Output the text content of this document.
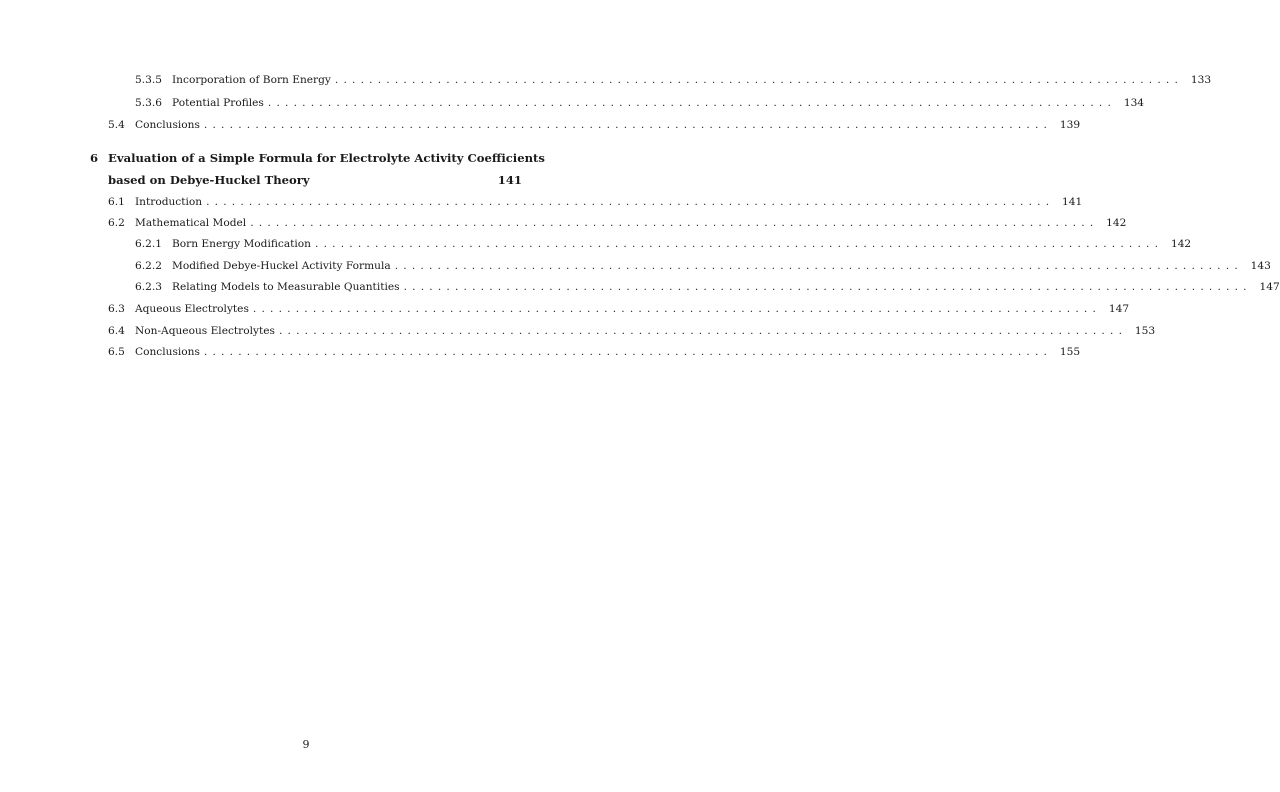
5.3.5 Incorporation of Born Energy ................................................................................................... 133
5.3.6 Potential Profiles ................................................................................................... 134
5.4 Conclusions ................................................................................................... 139
6 Evaluation of a Simple Formula for Electrolyte Activity Coefficients
based on Debye-Huckel Theory	141
6.1 Introduction ................................................................................................... 141
6.2 Mathematical Model ................................................................................................... 142
6.2.1 Born Energy Modification ................................................................................................... 142
6.2.2 Modified Debye-Huckel Activity Formula ................................................................................................... 143
6.2.3 Relating Models to Measurable Quantities ................................................................................................... 147
6.3 Aqueous Electrolytes ................................................................................................... 147
6.4 Non-Aqueous Electrolytes ................................................................................................... 153
6.5 Conclusions ................................................................................................... 155
9
